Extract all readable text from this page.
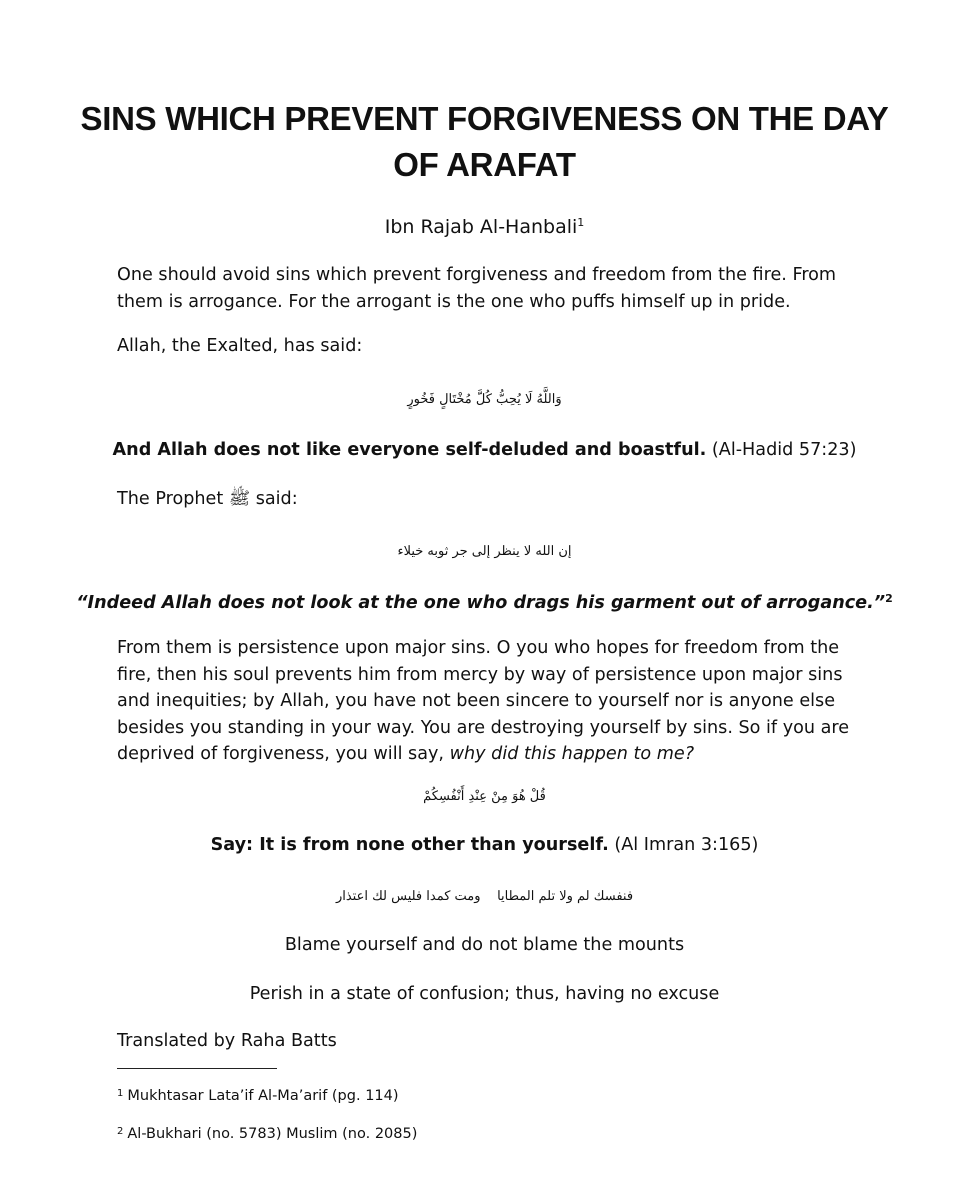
SINS WHICH PREVENT FORGIVENESS ON THE DAY OF ARAFAT
Ibn Rajab Al-Hanbali$^1$

One should avoid sins which prevent forgiveness and freedom from the fire. From them is arrogance. For the arrogant is the one who puffs himself up in pride.

Allah, the Exalted, has said:

وَاللَّهُ لَا يُحِبُّ كُلَّ مُخْتَالٍ فَخُورٍ

And Allah does not like everyone self-deluded and boastful. (Al-Hadid 57:23)

The Prophet ﷺ said:

إن الله لا ينظر إلى جر ثوبه خيلاء

“Indeed Allah does not look at the one who drags his garment out of arrogance.”$^2$

From them is persistence upon major sins. O you who hopes for freedom from the fire, then his soul prevents him from mercy by way of persistence upon major sins and inequities; by Allah, you have not been sincere to yourself nor is anyone else besides you standing in your way. You are destroying yourself by sins. So if you are deprived of forgiveness, you will say, why did this happen to me?

قُلْ هُوَ مِنْ عِنْدِ أَنْفُسِكُمْ

Say: It is from none other than yourself. (Al Imran 3:165)

فنفسك لم ولا تلم المطايا    ومت كمدا فليس لك اعتذار

Blame yourself and do not blame the mounts

Perish in a state of confusion; thus, having no excuse

Translated by Raha Batts

$^1$ Mukhtasar Lata’if Al-Ma’arif (pg. 114)
$^2$ Al-Bukhari (no. 5783) Muslim (no. 2085)
